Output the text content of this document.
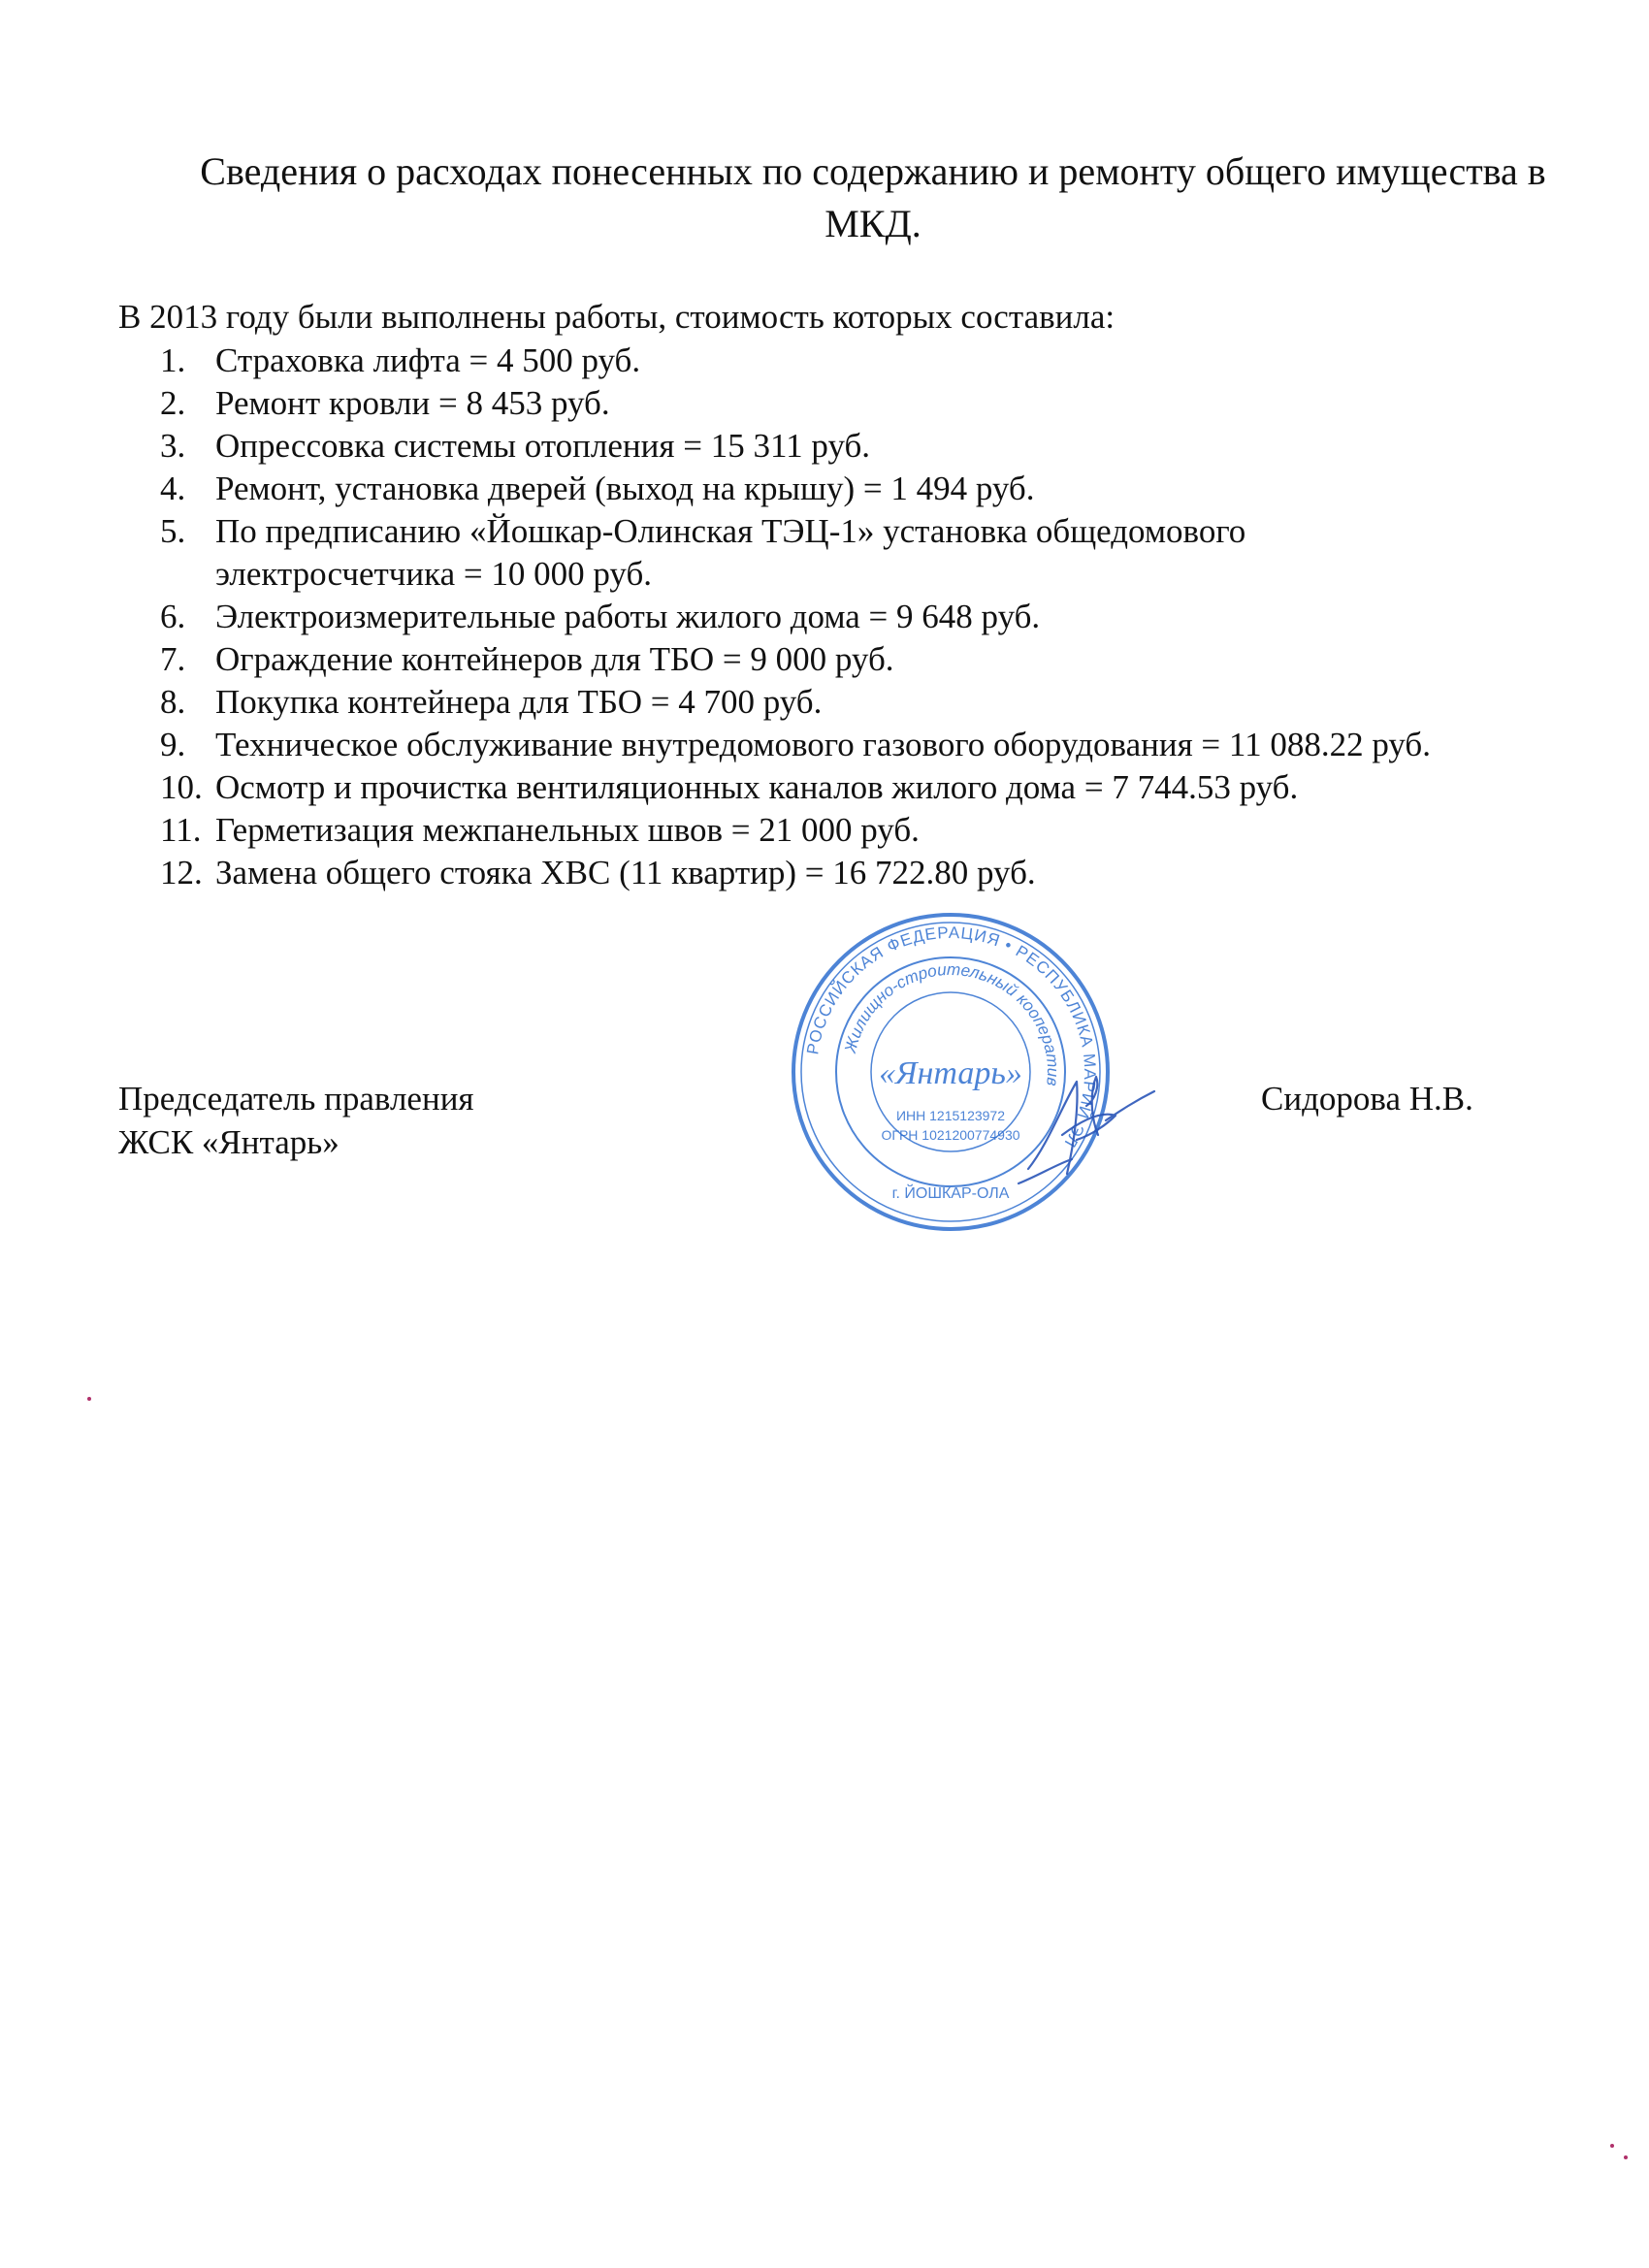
Сведения о расходах понесенных по содержанию и ремонту общего имущества в
МКД.
В 2013 году были выполнены работы, стоимость которых составила:
1. Страховка лифта = 4 500 руб.
2. Ремонт кровли = 8 453 руб.
3. Опрессовка системы отопления = 15 311 руб.
4. Ремонт, установка дверей (выход на крышу) = 1 494 руб.
5. По предписанию «Йошкар-Олинская ТЭЦ-1» установка общедомового
электросчетчика = 10 000 руб.
6. Электроизмерительные работы жилого дома = 9 648 руб.
7. Ограждение контейнеров для ТБО = 9 000 руб.
8. Покупка контейнера для ТБО = 4 700 руб.
9. Техническое обслуживание внутредомового газового оборудования = 11 088.22 руб.
10. Осмотр и прочистка вентиляционных каналов жилого дома = 7 744.53 руб.
11. Герметизация межпанельных швов = 21 000 руб.
12. Замена общего стояка ХВС (11 квартир) = 16 722.80 руб.
Председатель правления
ЖСК «Янтарь»
Сидорова Н.В.
РОССИЙСКАЯ ФЕДЕРАЦИЯ • РЕСПУБЛИКА МАРИЙ ЭЛ
Жилищно-строительный кооператив
«Янтарь»
ИНН 1215123972
ОГРН 1021200774930
г. ЙОШКАР-ОЛА
